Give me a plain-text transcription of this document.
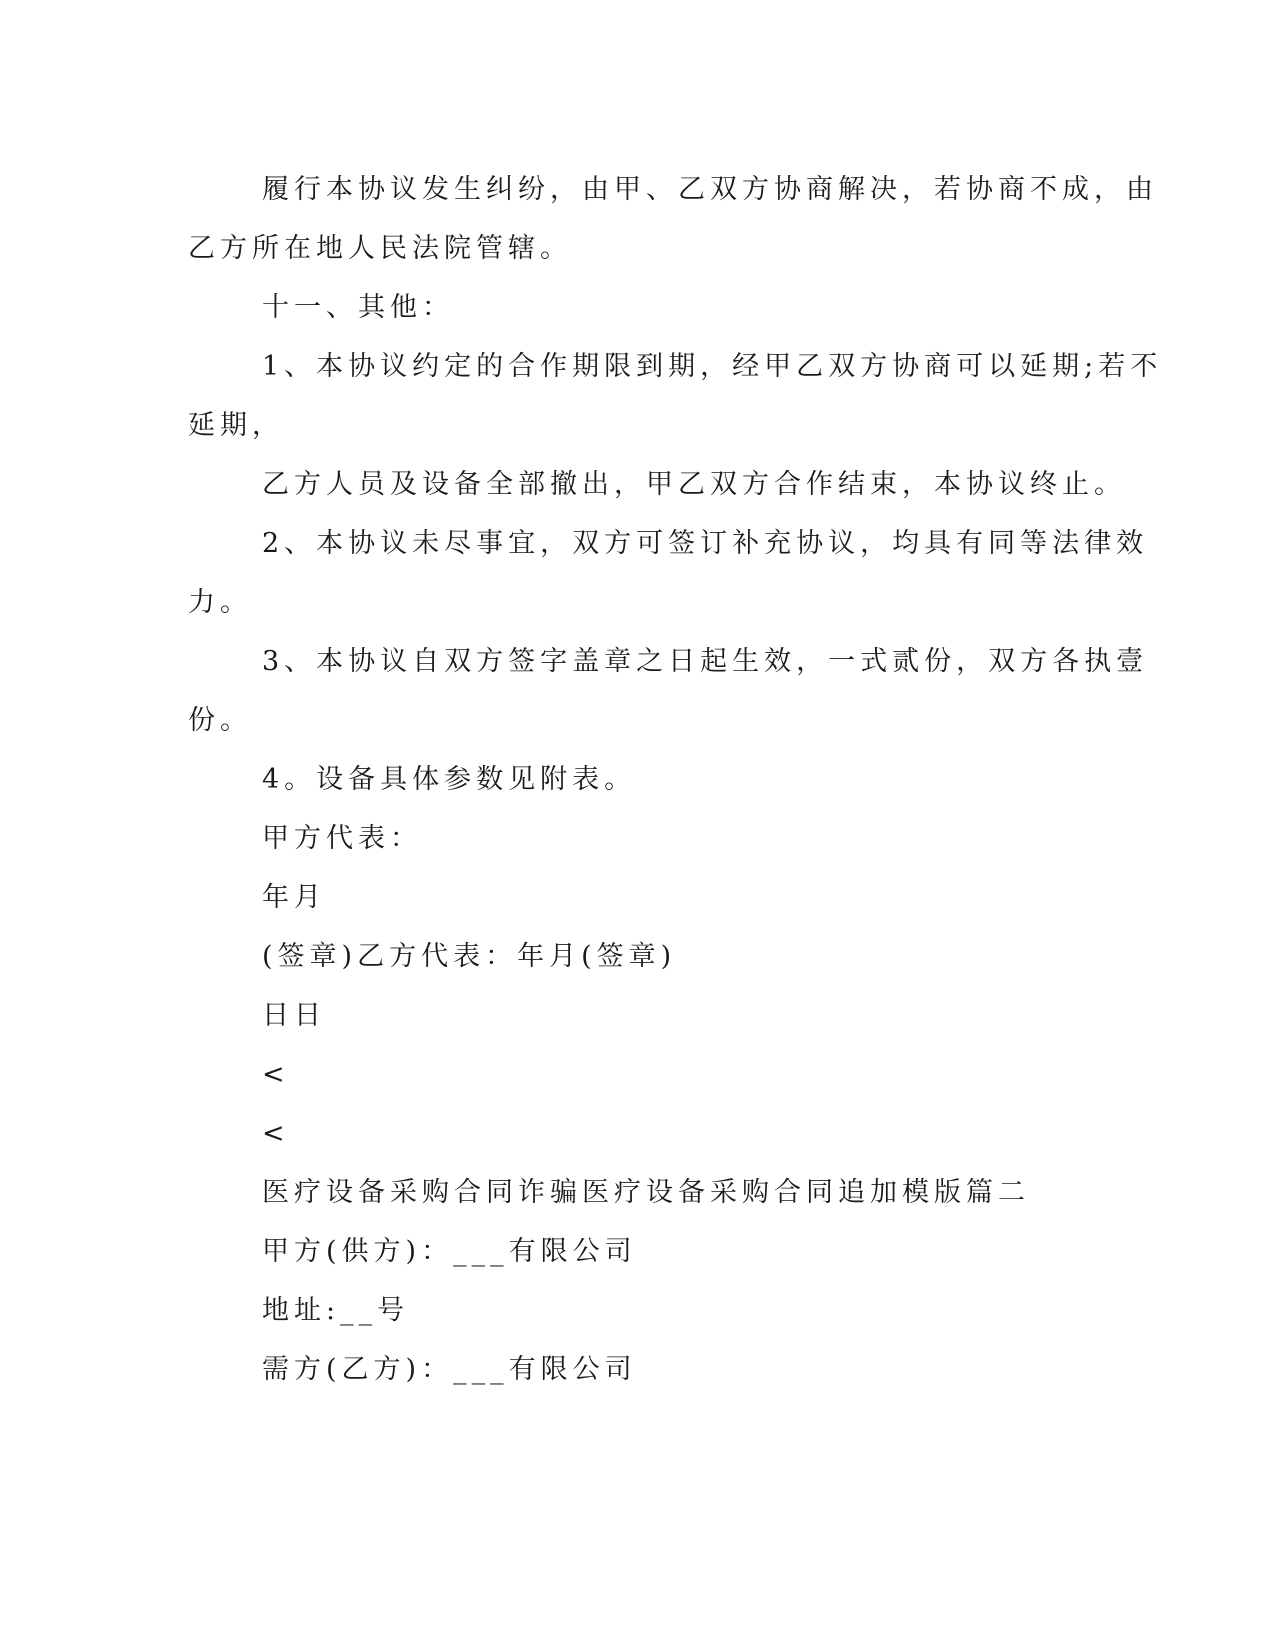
履行本协议发生纠纷，由甲、乙双方协商解决，若协商不成，由

乙方所在地人民法院管辖。

十一、其他：

1、本协议约定的合作期限到期，经甲乙双方协商可以延期;若不

延期，

乙方人员及设备全部撤出，甲乙双方合作结束，本协议终止。

2、本协议未尽事宜，双方可签订补充协议，均具有同等法律效

力。

3、本协议自双方签字盖章之日起生效，一式贰份，双方各执壹

份。

4。设备具体参数见附表。

甲方代表：

年月

(签章)乙方代表：年月(签章)

日日

<

<

医疗设备采购合同诈骗医疗设备采购合同追加模版篇二

甲方(供方)：___有限公司

地址:__号

需方(乙方)：___有限公司
